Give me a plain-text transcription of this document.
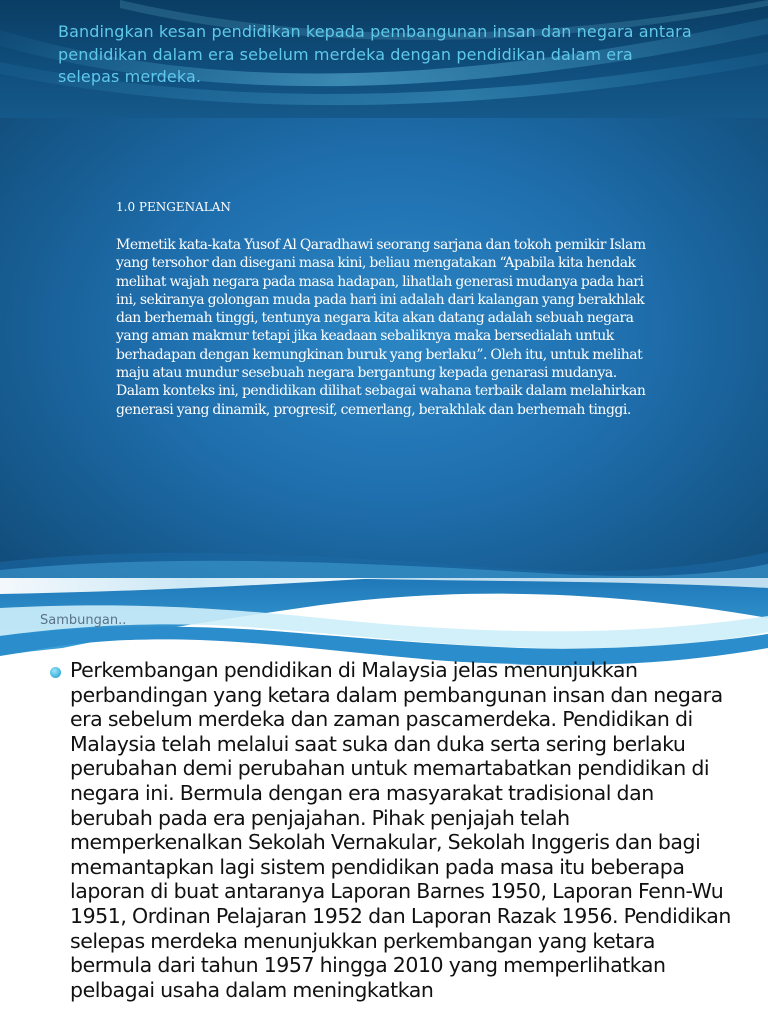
Bandingkan kesan pendidikan kepada pembangunan insan dan negara antara pendidikan dalam era sebelum merdeka dengan pendidikan dalam era selepas merdeka.

1.0 PENGENALAN

Memetik kata-kata Yusof Al Qaradhawi seorang sarjana dan tokoh pemikir Islam yang tersohor dan disegani masa kini, beliau mengatakan “Apabila kita hendak melihat wajah negara pada masa hadapan, lihatlah generasi mudanya pada hari ini, sekiranya golongan muda pada hari ini adalah dari kalangan yang berakhlak dan berhemah tinggi, tentunya negara kita akan datang adalah sebuah negara yang aman makmur tetapi jika keadaan sebaliknya maka bersedialah untuk berhadapan dengan kemungkinan buruk yang berlaku”. Oleh itu, untuk melihat maju atau mundur sesebuah negara bergantung kepada genarasi mudanya. Dalam konteks ini, pendidikan dilihat sebagai wahana terbaik dalam melahirkan generasi yang dinamik, progresif, cemerlang, berakhlak dan berhemah tinggi.

Sambungan..

Perkembangan pendidikan di Malaysia jelas menunjukkan perbandingan yang ketara dalam pembangunan insan dan negara era sebelum merdeka dan zaman pascamerdeka. Pendidikan di Malaysia telah melalui saat suka dan duka serta sering berlaku perubahan demi perubahan untuk memartabatkan pendidikan di negara ini. Bermula dengan era masyarakat tradisional dan berubah pada era penjajahan. Pihak penjajah telah memperkenalkan Sekolah Vernakular, Sekolah Inggeris dan bagi memantapkan lagi sistem pendidikan pada masa itu beberapa laporan di buat antaranya Laporan Barnes 1950, Laporan Fenn-Wu 1951, Ordinan Pelajaran 1952 dan Laporan Razak 1956. Pendidikan selepas merdeka menunjukkan perkembangan yang ketara bermula dari tahun 1957 hingga 2010 yang memperlihatkan pelbagai usaha dalam meningkatkan
